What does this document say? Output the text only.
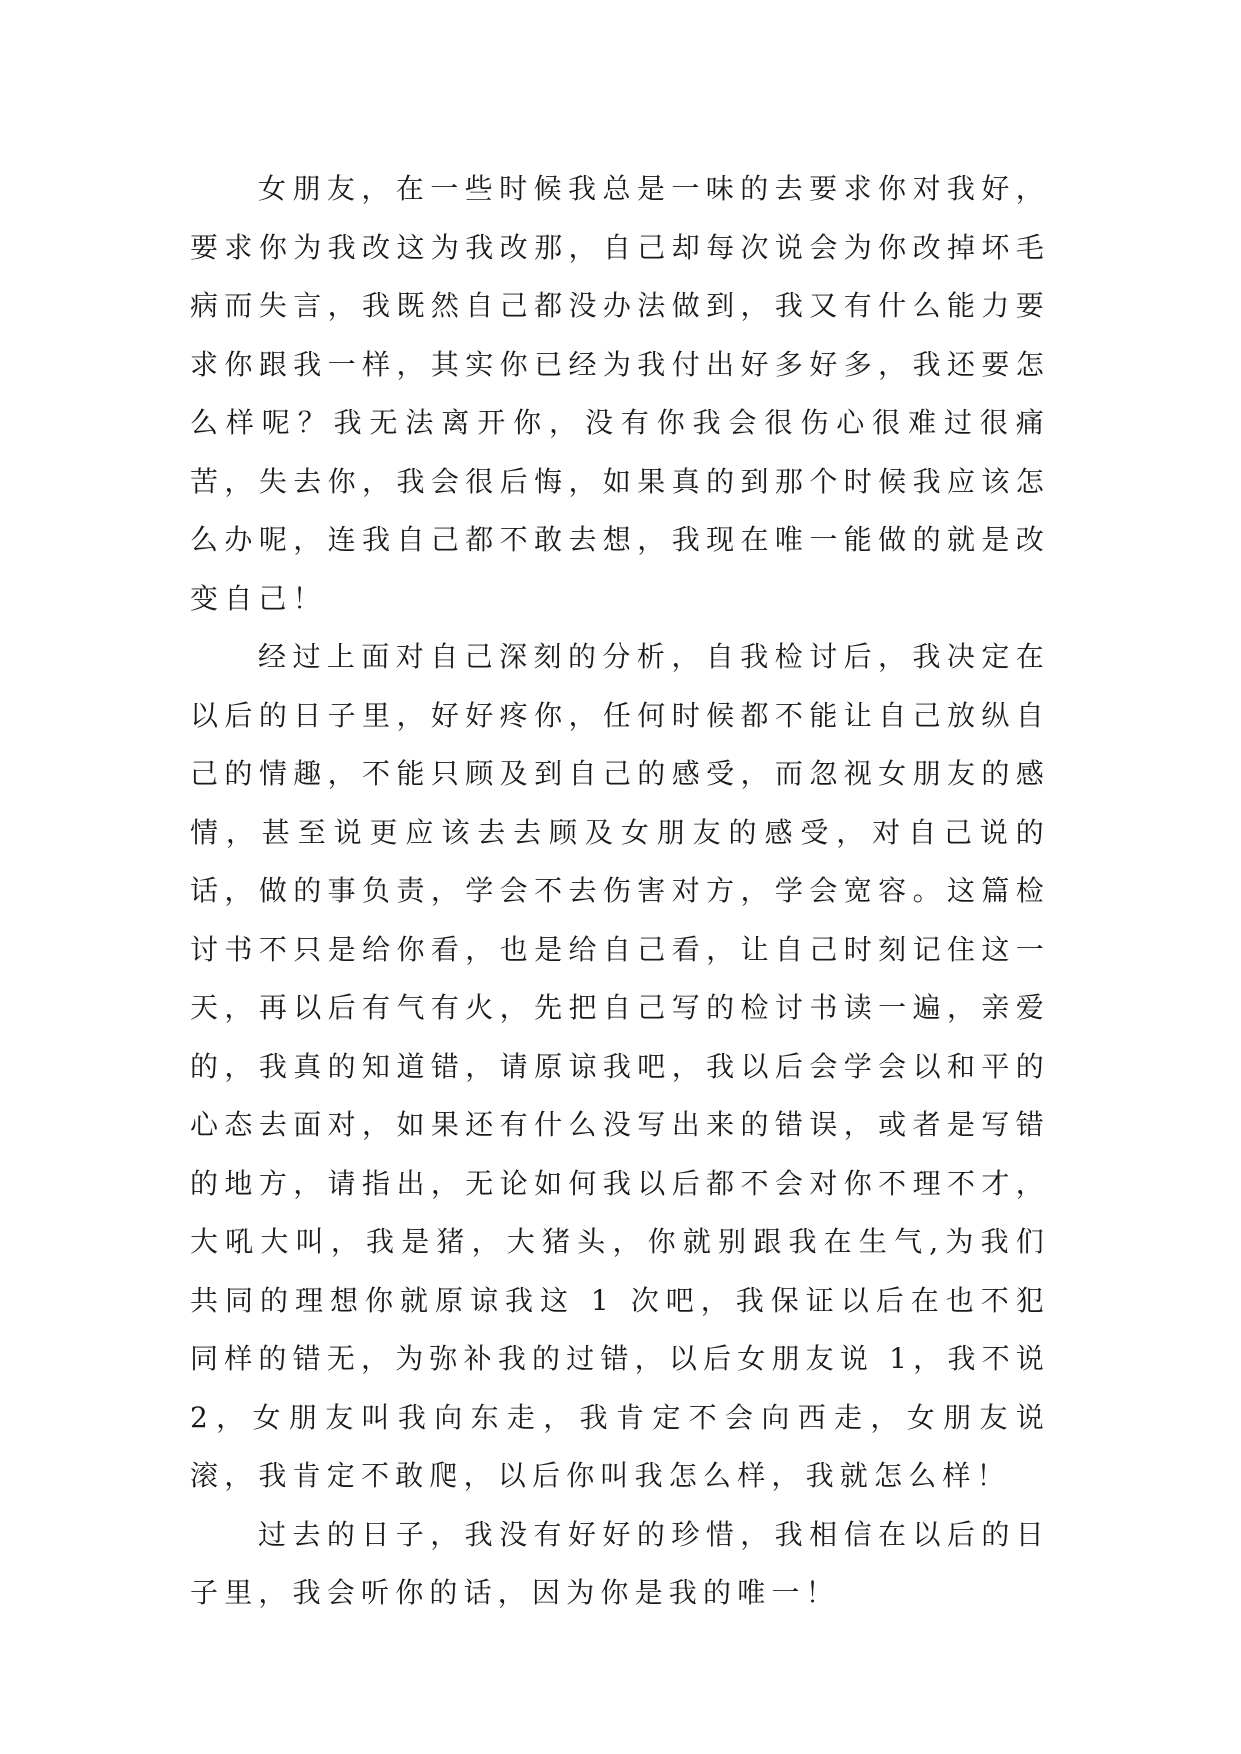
女朋友，在一些时候我总是一味的去要求你对我好，要求你为我改这为我改那，自己却每次说会为你改掉坏毛病而失言，我既然自己都没办法做到，我又有什么能力要求你跟我一样，其实你已经为我付出好多好多，我还要怎么样呢？我无法离开你，没有你我会很伤心很难过很痛苦，失去你，我会很后悔，如果真的到那个时候我应该怎么办呢，连我自己都不敢去想，我现在唯一能做的就是改变自己！

经过上面对自己深刻的分析，自我检讨后，我决定在以后的日子里，好好疼你，任何时候都不能让自己放纵自己的情趣，不能只顾及到自己的感受，而忽视女朋友的感情，甚至说更应该去去顾及女朋友的感受，对自己说的话，做的事负责，学会不去伤害对方，学会宽容。这篇检讨书不只是给你看，也是给自己看，让自己时刻记住这一天，再以后有气有火，先把自己写的检讨书读一遍，亲爱的，我真的知道错，请原谅我吧，我以后会学会以和平的心态去面对，如果还有什么没写出来的错误，或者是写错的地方，请指出，无论如何我以后都不会对你不理不才，大吼大叫，我是猪，大猪头，你就别跟我在生气,为我们共同的理想你就原谅我这 1 次吧，我保证以后在也不犯同样的错无，为弥补我的过错，以后女朋友说 1，我不说 2，女朋友叫我向东走，我肯定不会向西走，女朋友说滚，我肯定不敢爬，以后你叫我怎么样，我就怎么样！

过去的日子，我没有好好的珍惜，我相信在以后的日子里，我会听你的话，因为你是我的唯一！
